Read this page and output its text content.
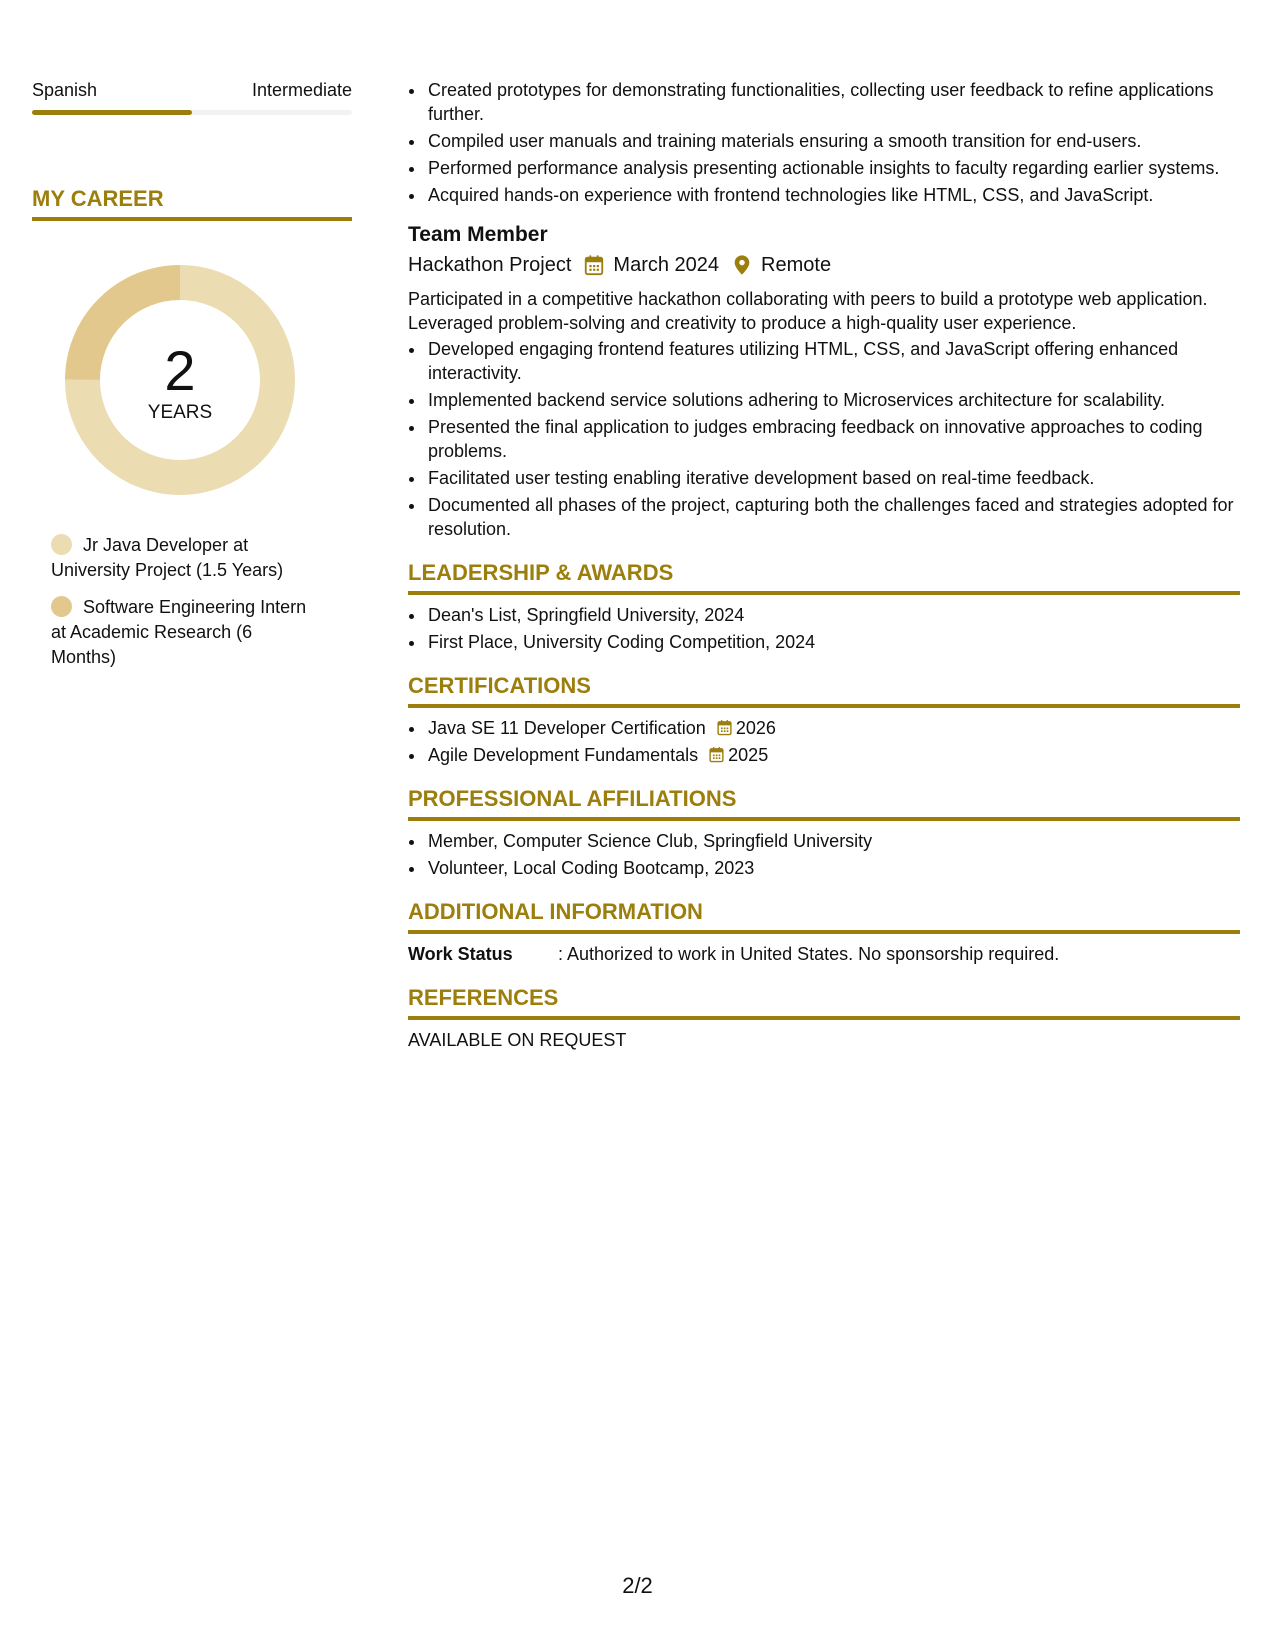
Spanish	Intermediate
MY CAREER
2
YEARS
Jr Java Developer at University Project (1.5 Years)
Software Engineering Intern at Academic Research (6 Months)
• Created prototypes for demonstrating functionalities, collecting user feedback to refine applications further.
• Compiled user manuals and training materials ensuring a smooth transition for end-users.
• Performed performance analysis presenting actionable insights to faculty regarding earlier systems.
• Acquired hands-on experience with frontend technologies like HTML, CSS, and JavaScript.
Team Member
Hackathon Project March 2024 Remote
Participated in a competitive hackathon collaborating with peers to build a prototype web application. Leveraged problem-solving and creativity to produce a high-quality user experience.
• Developed engaging frontend features utilizing HTML, CSS, and JavaScript offering enhanced interactivity.
• Implemented backend service solutions adhering to Microservices architecture for scalability.
• Presented the final application to judges embracing feedback on innovative approaches to coding problems.
• Facilitated user testing enabling iterative development based on real-time feedback.
• Documented all phases of the project, capturing both the challenges faced and strategies adopted for resolution.
LEADERSHIP & AWARDS
• Dean's List, Springfield University, 2024
• First Place, University Coding Competition, 2024
CERTIFICATIONS
• Java SE 11 Developer Certification 2026
• Agile Development Fundamentals 2025
PROFESSIONAL AFFILIATIONS
• Member, Computer Science Club, Springfield University
• Volunteer, Local Coding Bootcamp, 2023
ADDITIONAL INFORMATION
Work Status	: Authorized to work in United States. No sponsorship required.
REFERENCES
AVAILABLE ON REQUEST
2/2
